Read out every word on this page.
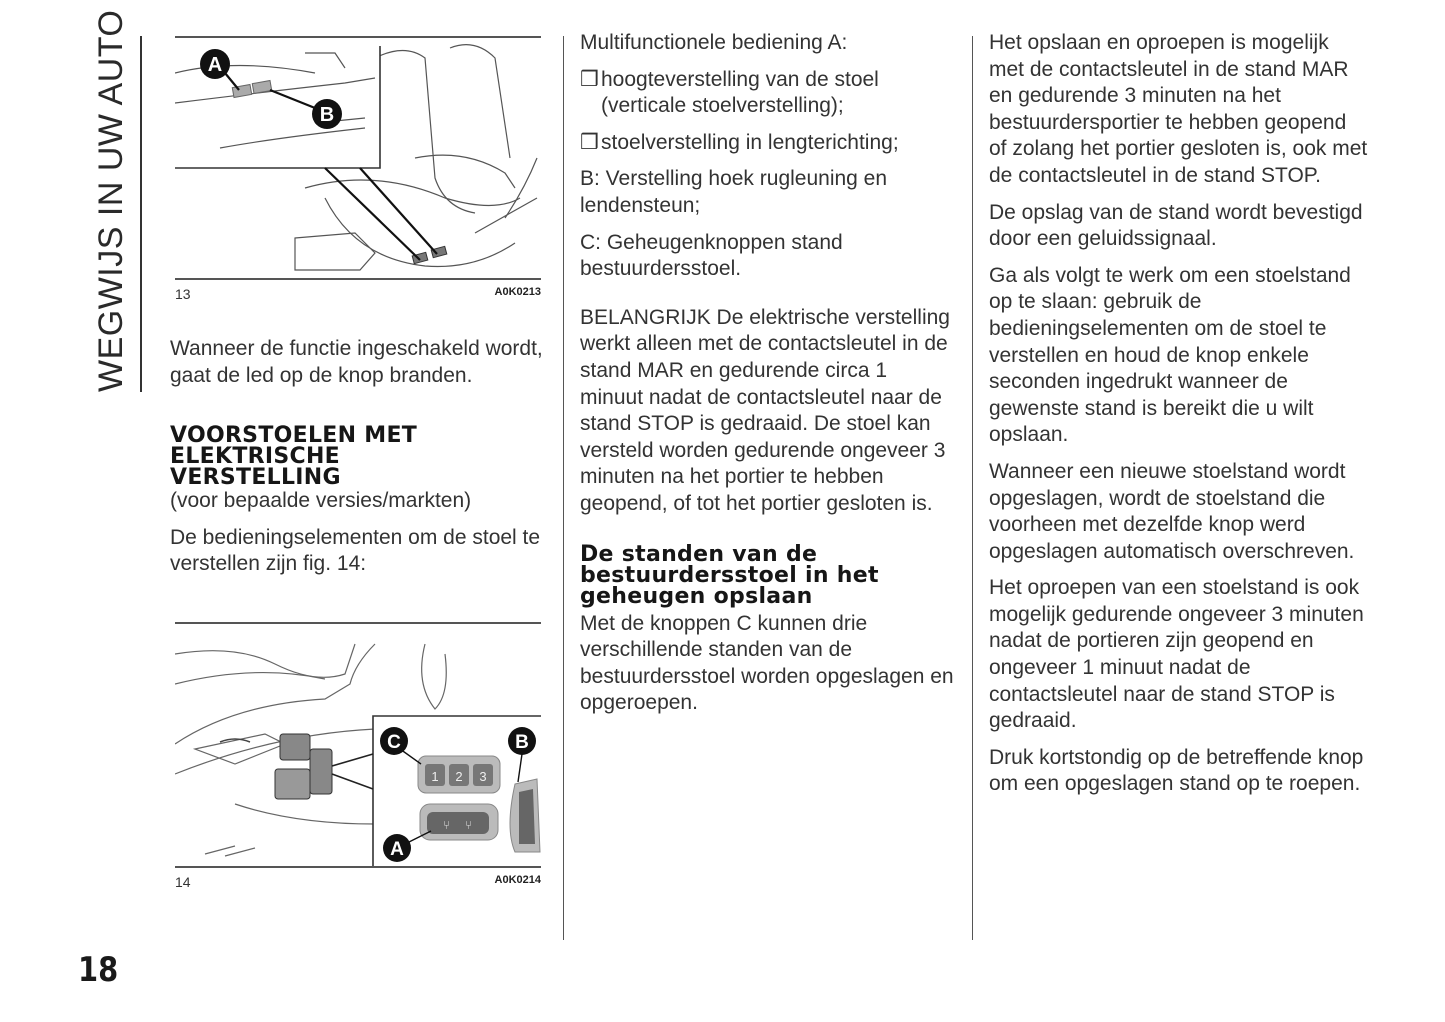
WEGWIJS IN UW AUTO	A
B
13	A0K0213

Wanneer de functie ingeschakeld wordt, gaat de led op de knop branden.

VOORSTOELEN MET
ELEKTRISCHE
VERSTELLING

(voor bepaalde versies/markten)

De bedieningselementen om de stoel te verstellen zijn fig. 14:

1 2 3
⑂ ⑂
C	B
A
14	A0K0214

Multifunctionele bediening A:

❒ hoogteverstelling van de stoel (verticale stoelverstelling);
❒ stoelverstelling in lengterichting;

B: Verstelling hoek rugleuning en lendensteun;

C: Geheugenknoppen stand bestuurdersstoel.

BELANGRIJK De elektrische verstelling werkt alleen met de contactsleutel in de stand MAR en gedurende circa 1 minuut nadat de contactsleutel naar de stand STOP is gedraaid. De stoel kan versteld worden gedurende ongeveer 3 minuten na het portier te hebben geopend, of tot het portier gesloten is.

De standen van de
bestuurdersstoel in het
geheugen opslaan

Met de knoppen C kunnen drie verschillende standen van de bestuurdersstoel worden opgeslagen en opgeroepen.

Het opslaan en oproepen is mogelijk met de contactsleutel in de stand MAR en gedurende 3 minuten na het bestuurdersportier te hebben geopend of zolang het portier gesloten is, ook met de contactsleutel in de stand STOP.

De opslag van de stand wordt bevestigd door een geluidssignaal.

Ga als volgt te werk om een stoelstand op te slaan: gebruik de bedieningselementen om de stoel te verstellen en houd de knop enkele seconden ingedrukt wanneer de gewenste stand is bereikt die u wilt opslaan.

Wanneer een nieuwe stoelstand wordt opgeslagen, wordt de stoelstand die voorheen met dezelfde knop werd opgeslagen automatisch overschreven.

Het oproepen van een stoelstand is ook mogelijk gedurende ongeveer 3 minuten nadat de portieren zijn geopend en ongeveer 1 minuut nadat de contactsleutel naar de stand STOP is gedraaid.

Druk kortstondig op de betreffende knop om een opgeslagen stand op te roepen.

18
